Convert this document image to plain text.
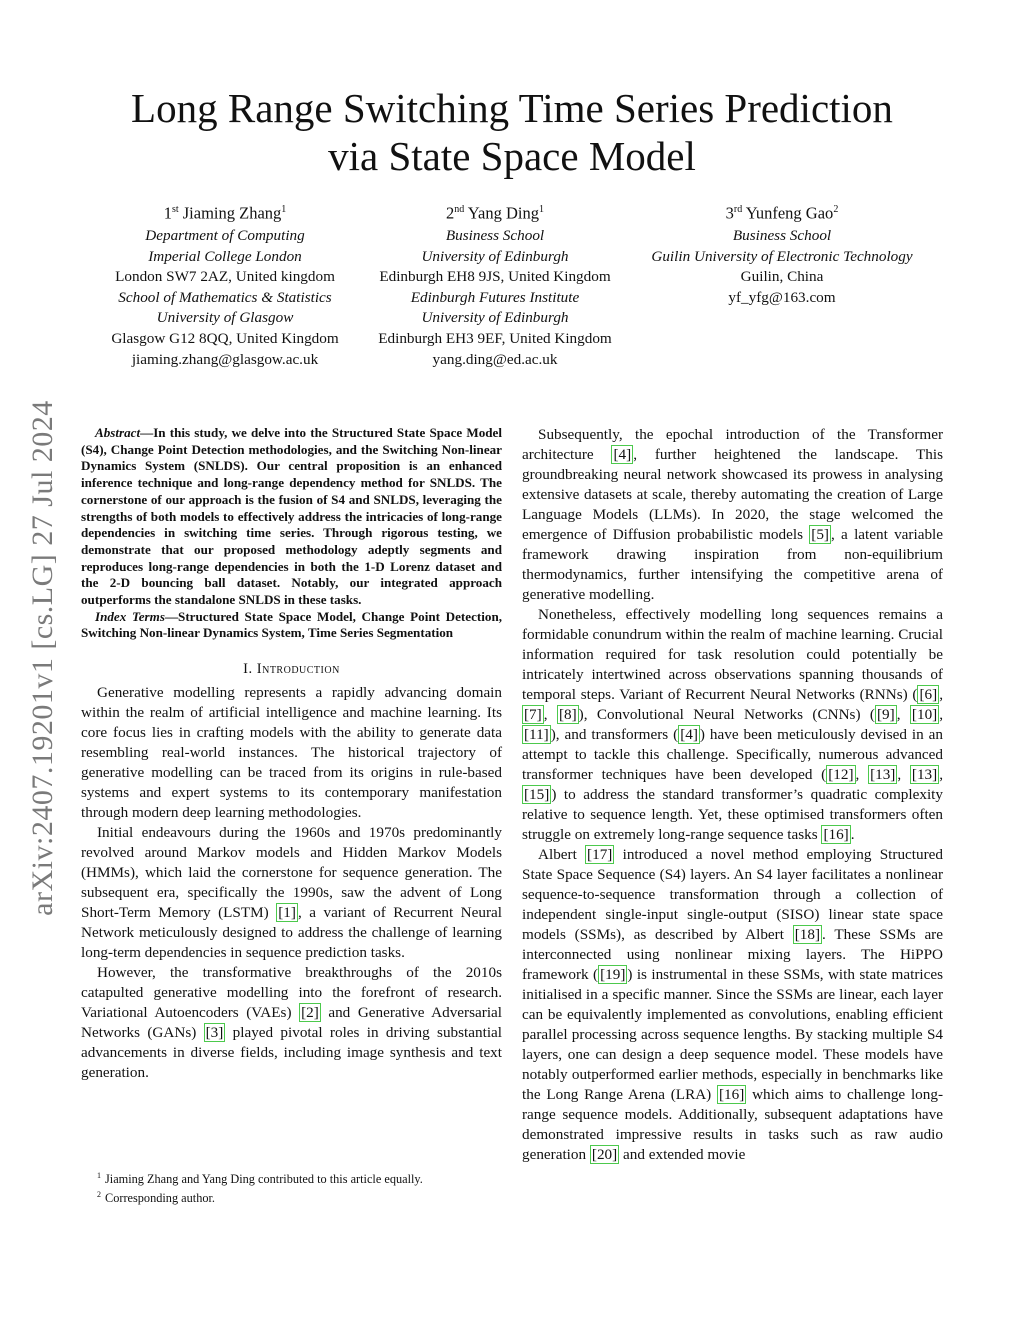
arXiv:2407.19201v1 [cs.LG] 27 Jul 2024
Long Range Switching Time Series Prediction
via State Space Model
1st Jiaming Zhang$^1$
Department of Computing
Imperial College London
London SW7 2AZ, United kingdom
School of Mathematics & Statistics
University of Glasgow
Glasgow G12 8QQ, United Kingdom
jiaming.zhang@glasgow.ac.uk
2nd Yang Ding$^1$
Business School
University of Edinburgh
Edinburgh EH8 9JS, United Kingdom
Edinburgh Futures Institute
University of Edinburgh
Edinburgh EH3 9EF, United Kingdom
yang.ding@ed.ac.uk
3rd Yunfeng Gao$^2$
Business School
Guilin University of Electronic Technology
Guilin, China
yf_yfg@163.com

Abstract—In this study, we delve into the Structured State Space Model (S4), Change Point Detection methodologies, and the Switching Non-linear Dynamics System (SNLDS). Our central proposition is an enhanced inference technique and long-range dependency method for SNLDS. The cornerstone of our approach is the fusion of S4 and SNLDS, leveraging the strengths of both models to effectively address the intricacies of long-range dependencies in switching time series. Through rigorous testing, we demonstrate that our proposed methodology adeptly segments and reproduces long-range dependencies in both the 1-D Lorenz dataset and the 2-D bouncing ball dataset. Notably, our integrated approach outperforms the standalone SNLDS in these tasks.

Index Terms—Structured State Space Model, Change Point Detection, Switching Non-linear Dynamics System, Time Series Segmentation

I. Introduction

Generative modelling represents a rapidly advancing domain within the realm of artificial intelligence and machine learning. Its core focus lies in crafting models with the ability to generate data resembling real-world instances. The historical trajectory of generative modelling can be traced from its origins in rule-based systems and expert systems to its contemporary manifestation through modern deep learning methodologies.

Initial endeavours during the 1960s and 1970s predominantly revolved around Markov models and Hidden Markov Models (HMMs), which laid the cornerstone for sequence generation. The subsequent era, specifically the 1990s, saw the advent of Long Short-Term Memory (LSTM) [1] , a variant of Recurrent Neural Network meticulously designed to address the challenge of learning long-term dependencies in sequence prediction tasks.

However, the transformative breakthroughs of the 2010s catapulted generative modelling into the forefront of research. Variational Autoencoders (VAEs) [2] and Generative Adversarial Networks (GANs) [3] played pivotal roles in driving substantial advancements in diverse fields, including image synthesis and text generation.

Subsequently, the epochal introduction of the Transformer architecture [4] , further heightened the landscape. This groundbreaking neural network showcased its prowess in analysing extensive datasets at scale, thereby automating the creation of Large Language Models (LLMs). In 2020, the stage welcomed the emergence of Diffusion probabilistic models [5] , a latent variable framework drawing inspiration from non-equilibrium thermodynamics, further intensifying the competitive arena of generative modelling.

Nonetheless, effectively modelling long sequences remains a formidable conundrum within the realm of machine learning. Crucial information required for task resolution could potentially be intricately intertwined across observations spanning thousands of temporal steps. Variant of Recurrent Neural Networks (RNNs) ( [6] , [7] , [8] ), Convolutional Neural Networks (CNNs) ( [9] , [10] , [11] ), and transformers ( [4] ) have been meticulously devised in an attempt to tackle this challenge. Specifically, numerous advanced transformer techniques have been developed ( [12] , [13] , [13] , [15] ) to address the standard transformer’s quadratic complexity relative to sequence length. Yet, these optimised transformers often struggle on extremely long-range sequence tasks [16] .

Albert [17] introduced a novel method employing Structured State Space Sequence (S4) layers. An S4 layer facilitates a nonlinear sequence-to-sequence transformation through a collection of independent single-input single-output (SISO) linear state space models (SSMs), as described by Albert [18] . These SSMs are interconnected using nonlinear mixing layers. The HiPPO framework ( [19] ) is instrumental in these SSMs, with state matrices initialised in a specific manner. Since the SSMs are linear, each layer can be equivalently implemented as convolutions, enabling efficient parallel processing across sequence lengths. By stacking multiple S4 layers, one can design a deep sequence model. These models have notably outperformed earlier methods, especially in benchmarks like the Long Range Arena (LRA) [16] which aims to challenge long-range sequence models. Additionally, subsequent adaptations have demonstrated impressive results in tasks such as raw audio generation [20] and extended movie

$^1$ Jiaming Zhang and Yang Ding contributed to this article equally.
$^2$ Corresponding author.
